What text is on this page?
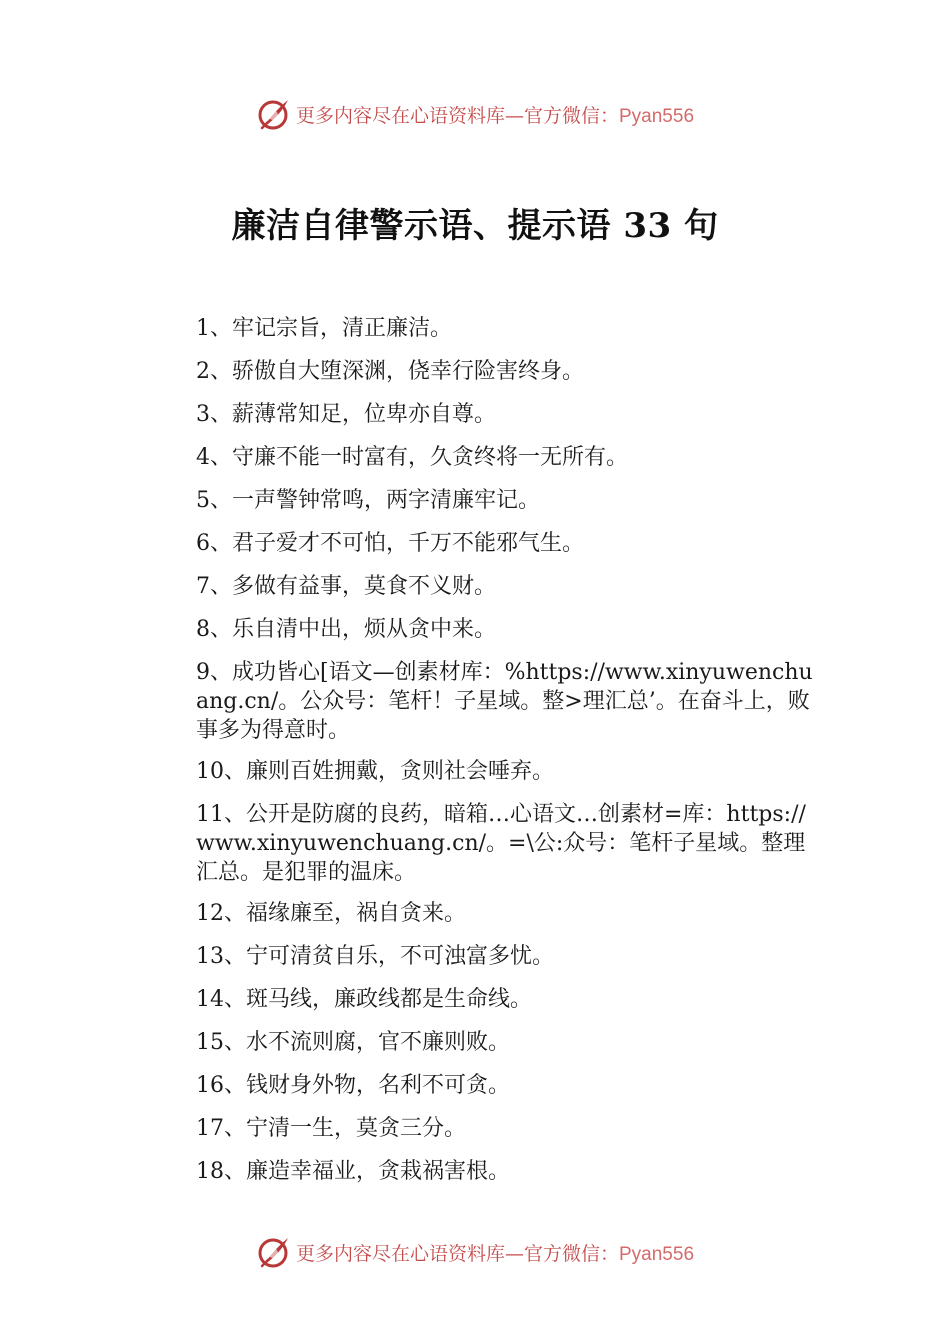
更多内容尽在心语资料库—官方微信：Pyan556
廉洁自律警示语、提示语 33 句
1、牢记宗旨，清正廉洁。
2、骄傲自大堕深渊，侥幸行险害终身。
3、薪薄常知足，位卑亦自尊。
4、守廉不能一时富有，久贪终将一无所有。
5、一声警钟常鸣，两字清廉牢记。
6、君子爱才不可怕，千万不能邪气生。
7、多做有益事，莫食不义财。
8、乐自清中出，烦从贪中来。
9、成功皆心[语文—创素材库：%https://www.xinyuwenchuang.cn/。公众号：笔杆！子星域。整>理汇总’。在奋斗上，败事多为得意时。
10、廉则百姓拥戴，贪则社会唾弃。
11、公开是防腐的良药，暗箱…心语文…创素材=库：https://www.xinyuwenchuang.cn/。=\公:众号：笔杆子星域。整理汇总。是犯罪的温床。
12、福缘廉至，祸自贪来。
13、宁可清贫自乐，不可浊富多忧。
14、斑马线，廉政线都是生命线。
15、水不流则腐，官不廉则败。
16、钱财身外物，名利不可贪。
17、宁清一生，莫贪三分。
18、廉造幸福业，贪栽祸害根。
更多内容尽在心语资料库—官方微信：Pyan556
